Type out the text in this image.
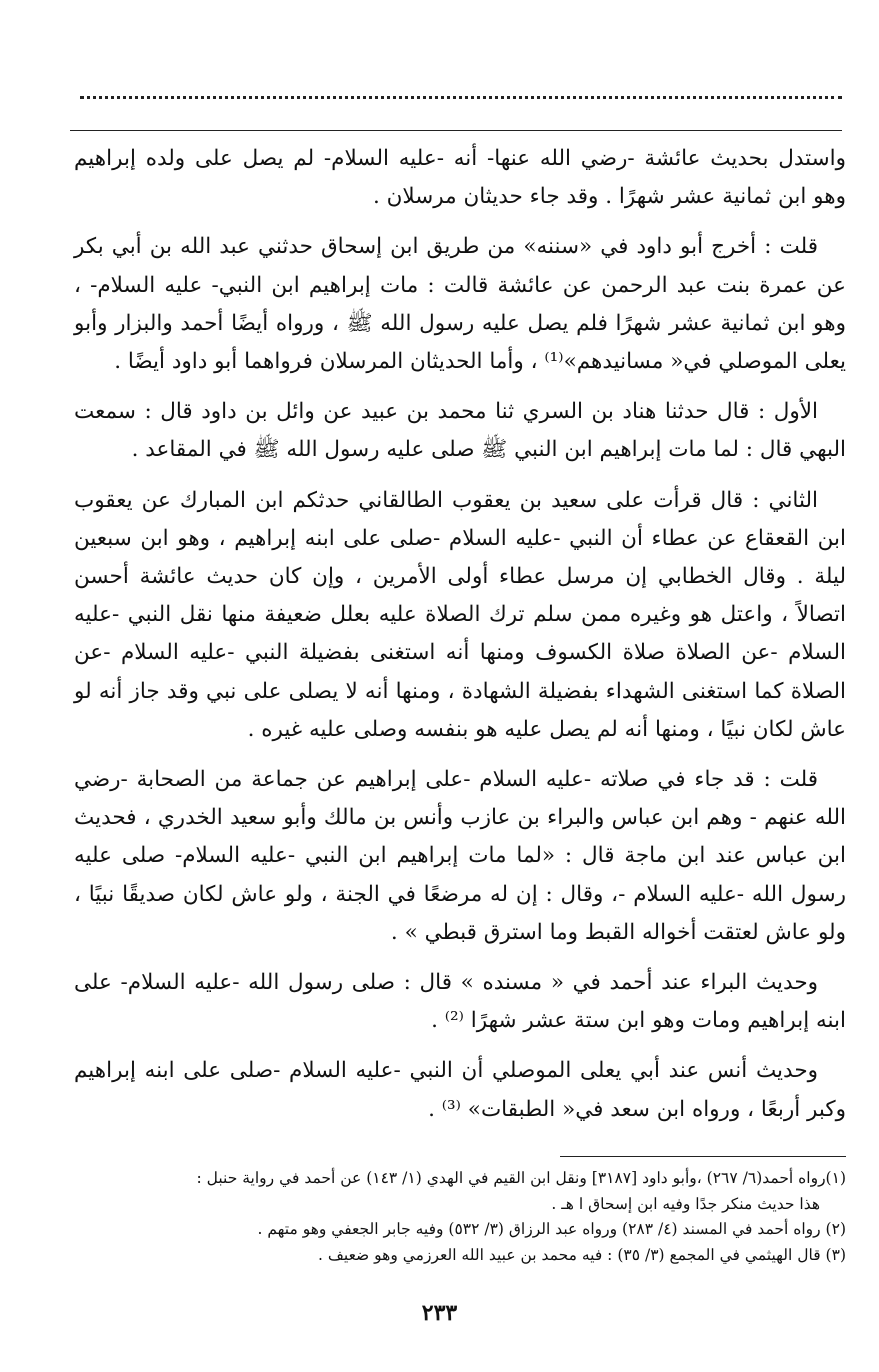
واستدل بحديث عائشة -رضي الله عنها- أنه -عليه السلام- لم يصل على ولده إبراهيم وهو ابن ثمانية عشر شهرًا . وقد جاء حديثان مرسلان .

قلت : أخرج أبو داود في «سننه» من طريق ابن إسحاق حدثني عبد الله بن أبي بكر عن عمرة بنت عبد الرحمن عن عائشة قالت : مات إبراهيم ابن النبي- عليه السلام- ، وهو ابن ثمانية عشر شهرًا فلم يصل عليه رسول الله ﷺ ، ورواه أيضًا أحمد والبزار وأبو يعلى الموصلي في« مسانيدهم»⁽¹⁾ ، وأما الحديثان المرسلان فرواهما أبو داود أيضًا .

الأول : قال حدثنا هناد بن السري ثنا محمد بن عبيد عن وائل بن داود قال : سمعت البهي قال : لما مات إبراهيم ابن النبي ﷺ صلى عليه رسول الله ﷺ في المقاعد .

الثاني : قال قرأت على سعيد بن يعقوب الطالقاني حدثكم ابن المبارك عن يعقوب ابن القعقاع عن عطاء أن النبي -عليه السلام -صلى على ابنه إبراهيم ، وهو ابن سبعين ليلة . وقال الخطابي إن مرسل عطاء أولى الأمرين ، وإن كان حديث عائشة أحسن اتصالاً ، واعتل هو وغيره ممن سلم ترك الصلاة عليه بعلل ضعيفة منها نقل النبي -عليه السلام -عن الصلاة صلاة الكسوف ومنها أنه استغنى بفضيلة النبي -عليه السلام -عن الصلاة كما استغنى الشهداء بفضيلة الشهادة ، ومنها أنه لا يصلى على نبي وقد جاز أنه لو عاش لكان نبيًا ، ومنها أنه لم يصل عليه هو بنفسه وصلى عليه غيره .

قلت : قد جاء في صلاته -عليه السلام -على إبراهيم عن جماعة من الصحابة -رضي الله عنهم - وهم ابن عباس والبراء بن عازب وأنس بن مالك وأبو سعيد الخدري ، فحديث ابن عباس عند ابن ماجة قال : «لما مات إبراهيم ابن النبي -عليه السلام- صلى عليه رسول الله -عليه السلام -، وقال : إن له مرضعًا في الجنة ، ولو عاش لكان صديقًا نبيًا ، ولو عاش لعتقت أخواله القبط وما استرق قبطي » .

وحديث البراء عند أحمد في « مسنده » قال : صلى رسول الله -عليه السلام- على ابنه إبراهيم ومات وهو ابن ستة عشر شهرًا ⁽²⁾ .

وحديث أنس عند أبي يعلى الموصلي أن النبي -عليه السلام -صلى على ابنه إبراهيم وكبر أربعًا ، ورواه ابن سعد في« الطبقات» ⁽³⁾ .

(١)رواه أحمد(٦/ ٢٦٧) ،وأبو داود [٣١٨٧] ونقل ابن القيم في الهدي (١/ ١٤٣) عن أحمد في رواية حنبل :

هذا حديث منكر جدًا وفيه ابن إسحاق ا هـ .

(٢) رواه أحمد في المسند (٤/ ٢٨٣) ورواه عبد الرزاق (٣/ ٥٣٢) وفيه جابر الجعفي وهو متهم .

(٣) قال الهيثمي في المجمع (٣/ ٣٥) : فيه محمد بن عبيد الله العرزمي وهو ضعيف .

٢٣٣
